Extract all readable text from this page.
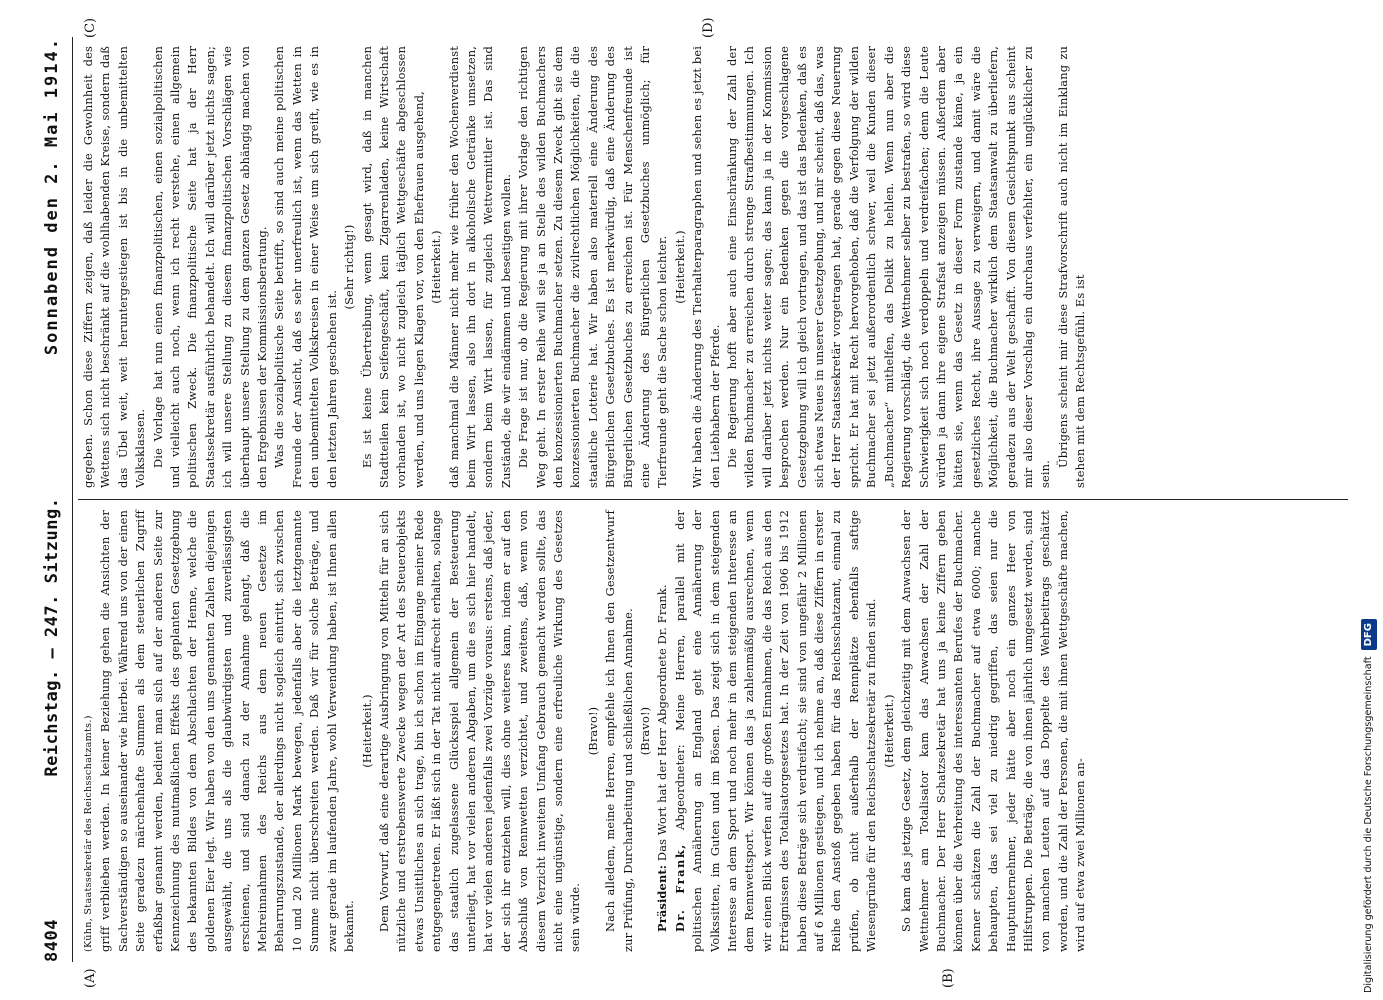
8404
Reichstag. — 247. Sitzung.
Sonnabend den 2. Mai 1914.
(A)	(B)
(C)	(D)

(Kühn, Staatssekretär des Reichsschatzamts.) griff verblieben werden. In keiner Beziehung gehen die Ansichten der Sachverständigen so auseinander wie hierbei. Während uns von der einen Seite geradezu märchenhafte Summen als dem steuerlichen Zugriff erfaßbar genannt werden, bedient man sich auf der anderen Seite zur Kennzeichnung des mutmaßlichen Effekts des geplanten Gesetzgebung des bekannten Bildes von dem Abschlachten der Henne, welche die goldenen Eier legt. Wir haben von den uns genannten Zahlen diejenigen ausgewählt, die uns als die glaubwürdigsten und zuverlässigsten erschienen, und sind danach zu der Annahme gelangt, daß die Mehreinnahmen des Reichs aus dem neuen Gesetze im Beharrungszustande, der allerdings nicht sogleich eintritt, sich zwischen 10 und 20 Millionen Mark bewegen, jedenfalls aber die letztgenannte Summe nicht überschreiten werden. Daß wir für solche Beträge, und zwar gerade im laufenden Jahre, wohl Verwendung haben, ist Ihnen allen bekannt.

(Heiterkeit.) Dem Vorwurf, daß eine derartige Ausbringung von Mitteln für an sich nützliche und erstrebenswerte Zwecke wegen der Art des Steuerobjekts etwas Unsittliches an sich trage, bin ich schon im Eingange meiner Rede entgegengetreten. Er läßt sich in der Tat nicht aufrecht erhalten, solange das staatlich zugelassene Glücksspiel allgemein der Besteuerung unterliegt, hat vor vielen anderen Abgaben, um die es sich hier handelt, hat vor vielen anderen jedenfalls zwei Vorzüge voraus: erstens, daß jeder, der sich ihr entziehen will, dies ohne weiteres kann, indem er auf den Abschluß von Rennwetten verzichtet, und zweitens, daß, wenn von diesem Verzicht inweitem Umfang Gebrauch gemacht werden sollte, das nicht eine ungünstige, sondern eine erfreuliche Wirkung des Gesetzes sein würde.

(Bravo!) Nach alledem, meine Herren, empfehle ich Ihnen den Gesetzentwurf zur Prüfung, Durcharbeitung und schließlichen Annahme. (Bravo!)

Präsident: Das Wort hat der Herr Abgeordnete Dr. Frank.

Dr. Frank, Abgeordneter: Meine Herren, parallel mit der politischen Annäherung an England geht eine Annäherung der Volkssitten, im Guten und im Bösen. Das zeigt sich in dem steigenden Interesse an dem Sport und noch mehr in dem steigenden Interesse an dem Rennwettsport. Wir können das ja zahlenmäßig ausrechnen, wenn wir einen Blick werfen auf die großen Einnahmen, die das Reich aus den Erträgnissen des Totalisatorgesetzes hat. In der Zeit von 1906 bis 1912 haben diese Beträge sich verdreifacht; sie sind von ungefähr 2 Millionen auf 6 Millionen gestiegen, und ich nehme an, daß diese Ziffern in erster Reihe den Anstoß gegeben haben für das Reichsschatzamt, einmal zu prüfen, ob nicht außerhalb der Rennplätze ebenfalls saftige Wiesengründe für den Reichsschatzsekretär zu finden sind. (Heiterkeit.) So kam das jetzige Gesetz, dem gleichzeitig mit dem Anwachsen der Wettnehmer am Totalisator kam das Anwachsen der Zahl der Buchmacher. Der Herr Schatzsekretär hat uns ja keine Ziffern geben können über die Verbreitung des interessanten Berufes der Buchmacher. Kenner schätzen die Zahl der Buchmacher auf etwa 6000; manche behaupten, das sei viel zu niedrig gegriffen, das seien nur die Hauptunternehmer, jeder hätte aber noch ein ganzes Heer von Hilfstruppen. Die Beträge, die von ihnen jährlich umgesetzt werden, sind von manchen Leuten auf das Doppelte des Wehrbeitrags geschätzt worden, und die Zahl der Personen, die mit ihnen Wettgeschäfte machen, wird auf etwa zwei Millionen an-

gegeben. Schon diese Ziffern zeigen, daß leider die Gewohnheit des Wettens sich nicht beschränkt auf die wohlhabenden Kreise, sondern daß das Übel weit, weit heruntergestiegen ist bis in die unbemittelten Volksklassen. Die Vorlage hat nun einen finanzpolitischen, einen sozialpolitischen und vielleicht auch noch, wenn ich recht verstehe, einen allgemein politischen Zweck. Die finanzpolitische Seite hat ja der Herr Staatssekretär ausführlich behandelt. Ich will darüber jetzt nichts sagen; ich will unsere Stellung zu diesem finanzpolitischen Vorschlägen wie überhaupt unsere Stellung zu dem ganzen Gesetz abhängig machen von den Ergebnissen der Kommissionsberatung. Was die sozialpolitische Seite betrifft, so sind auch meine politischen Freunde der Ansicht, daß es sehr unerfreulich ist, wenn das Wetten in den unbemittelten Volkskreisen in einer Weise um sich greift, wie es in den letzten Jahren geschehen ist.

(Sehr richtig!) Es ist keine Übertreibung, wenn gesagt wird, daß in manchen Stadtteilen kein Seifengeschäft, kein Zigarrenladen, keine Wirtschaft vorhanden ist, wo nicht zugleich täglich Wettgeschäfte abgeschlossen werden, und uns liegen Klagen vor, von den Ehefrauen ausgehend, (Heiterkeit.) daß manchmal die Männer nicht mehr wie früher den Wochenverdienst beim Wirt lassen, also ihn dort in alkoholische Getränke umsetzen, sondern beim Wirt lassen, für zugleich Wettvermittler ist. Das sind Zustände, die wir eindämmen und beseitigen wollen. Die Frage ist nur, ob die Regierung mit ihrer Vorlage den richtigen Weg geht. In erster Reihe will sie ja an Stelle des wilden Buchmachers den konzessionierten Buchmacher setzen. Zu diesem Zweck gibt sie dem konzessionierten Buchmacher die zivilrechtlichen Möglichkeiten, die die staatliche Lotterie hat. Wir haben also materiell eine Änderung des Bürgerlichen Gesetzbuches. Es ist merkwürdig, daß eine Änderung des Bürgerlichen Gesetzbuches zu erreichen ist. Für Menschenfreunde ist eine Änderung des Bürgerlichen Gesetzbuches unmöglich; für Tierfreunde geht die Sache schon leichter. (Heiterkeit.) Wir haben die Änderung des Tierhalterparagraphen und sehen es jetzt bei den Liebhabern der Pferde. Die Regierung hofft aber auch eine Einschränkung der Zahl der wilden Buchmacher zu erreichen durch strenge Strafbestimmungen. Ich will darüber jetzt nichts weiter sagen; das kann ja in der Kommission besprochen werden. Nur ein Bedenken gegen die vorgeschlagene Gesetzgebung will ich gleich vortragen, und das ist das Bedenken, daß es sich etwas Neues in unserer Gesetzgebung, und mir scheint, daß das, was der Herr Staatssekretär vorgetragen hat, gerade gegen diese Neuerung spricht. Er hat mit Recht hervorgehoben, daß die Verfolgung der wilden Buchmacher sei jetzt außerordentlich schwer, weil die Kunden dieser „Buchmacher“ mithelfen, das Delikt zu hehlen. Wenn nun aber die Regierung vorschlägt, die Wettnehmer selber zu bestrafen, so wird diese Schwierigkeit sich noch verdoppeln und verdreifachen; denn die Leute würden ja dann ihre eigene Strafsat anzeigen müssen. Außerdem aber hätten sie, wenn das Gesetz in dieser Form zustande käme, ja ein gesetzliches Recht, ihre Aussage zu verweigern, und damit wäre die Möglichkeit, die Buchmacher wirklich dem Staatsanwalt zu überliefern, geradezu aus der Welt geschafft. Von diesem Gesichtspunkt aus scheint mir also dieser Vorschlag ein durchaus verfehlter, ein unglücklicher zu sein.

Übrigens scheint mir diese Strafvorschrift auch nicht im Einklang zu stehen mit dem Rechtsgefühl. Es ist

Digitalisierung gefördert durch die Deutsche Forschungsgemeinschaft
DFG
